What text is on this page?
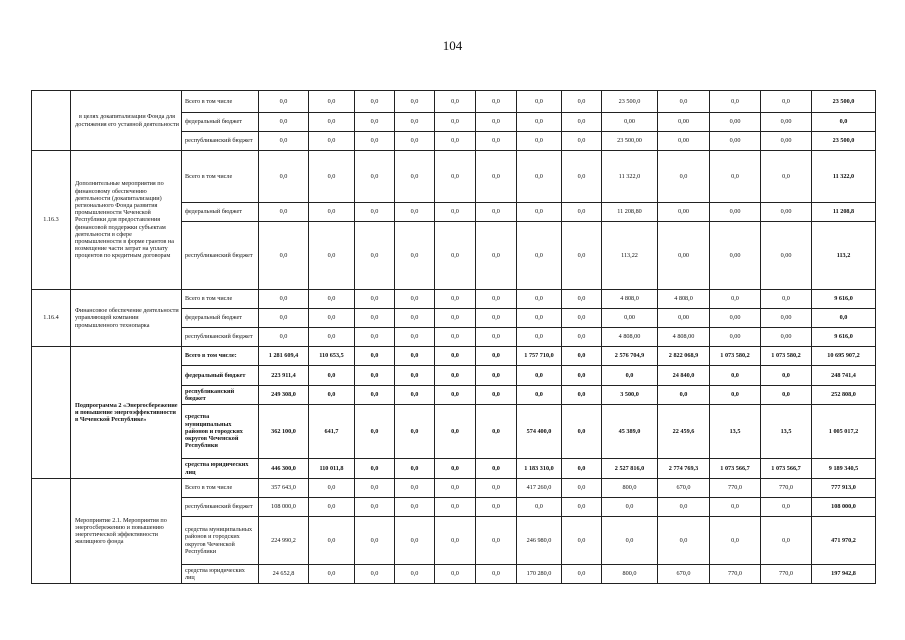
104
	в целях докапитализации Фонда для достижения его уставной деятельности	Всего в том числе	0,0	0,0	0,0	0,0	0,0	0,0	0,0	0,0	23 500,0	0,0	0,0	0,0	23 500,0
		федеральный бюджет	0,0	0,0	0,0	0,0	0,0	0,0	0,0	0,0	0,00	0,00	0,00	0,00	0,0
		республиканский бюджет	0,0	0,0	0,0	0,0	0,0	0,0	0,0	0,0	23 500,00	0,00	0,00	0,00	23 500,0
1.16.3	Дополнительные мероприятия по финансовому обеспечению деятельности (докапитализации) регионального Фонда развития промышленности Чеченской Республики для предоставления финансовой поддержки субъектам деятельности в сфере промышленности в форме грантов на возмещение части затрат на уплату процентов по кредитным договорам	Всего в том числе	0,0	0,0	0,0	0,0	0,0	0,0	0,0	0,0	11 322,0	0,0	0,0	0,0	11 322,0
		федеральный бюджет	0,0	0,0	0,0	0,0	0,0	0,0	0,0	0,0	11 208,80	0,00	0,00	0,00	11 208,8
		республиканский бюджет	0,0	0,0	0,0	0,0	0,0	0,0	0,0	0,0	113,22	0,00	0,00	0,00	113,2
1.16.4	Финансовое обеспечение деятельности управляющей компании промышленного технопарка	Всего в том числе	0,0	0,0	0,0	0,0	0,0	0,0	0,0	0,0	4 808,0	4 808,0	0,0	0,0	9 616,0
		федеральный бюджет	0,0	0,0	0,0	0,0	0,0	0,0	0,0	0,0	0,00	0,00	0,00	0,00	0,0
		республиканский бюджет	0,0	0,0	0,0	0,0	0,0	0,0	0,0	0,0	4 808,00	4 808,00	0,00	0,00	9 616,0
	Подпрограмма 2 «Энергосбережение и повышение энергоэффективности в Чеченской Республике»	Всего в том числе:	1 281 609,4	110 653,5	0,0	0,0	0,0	0,0	1 757 710,0	0,0	2 576 704,9	2 822 068,9	1 073 580,2	1 073 580,2	10 695 907,2
		федеральный бюджет	223 911,4	0,0	0,0	0,0	0,0	0,0	0,0	0,0	0,0	24 840,0	0,0	0,0	248 741,4
		республиканский бюджет	249 308,0	0,0	0,0	0,0	0,0	0,0	0,0	0,0	3 500,0	0,0	0,0	0,0	252 808,0
		средства муниципальных районов и городских округов Чеченской Республики	362 100,0	641,7	0,0	0,0	0,0	0,0	574 400,0	0,0	45 389,0	22 459,6	13,5	13,5	1 005 017,2
		средства юридических лиц	446 300,0	110 011,8	0,0	0,0	0,0	0,0	1 183 310,0	0,0	2 527 816,0	2 774 769,3	1 073 566,7	1 073 566,7	9 189 340,5
	Мероприятие 2.1. Мероприятия по энергосбережению и повышению энергетической эффективности жилищного фонда	Всего в том числе	357 643,0	0,0	0,0	0,0	0,0	0,0	417 260,0	0,0	800,0	670,0	770,0	770,0	777 913,0
		республиканский бюджет	108 000,0	0,0	0,0	0,0	0,0	0,0	0,0	0,0	0,0	0,0	0,0	0,0	108 000,0
		средства муниципальных районов и городских округов Чеченской Республики	224 990,2	0,0	0,0	0,0	0,0	0,0	246 980,0	0,0	0,0	0,0	0,0	0,0	471 970,2
		средства юридических лиц	24 652,8	0,0	0,0	0,0	0,0	0,0	170 280,0	0,0	800,0	670,0	770,0	770,0	197 942,8
